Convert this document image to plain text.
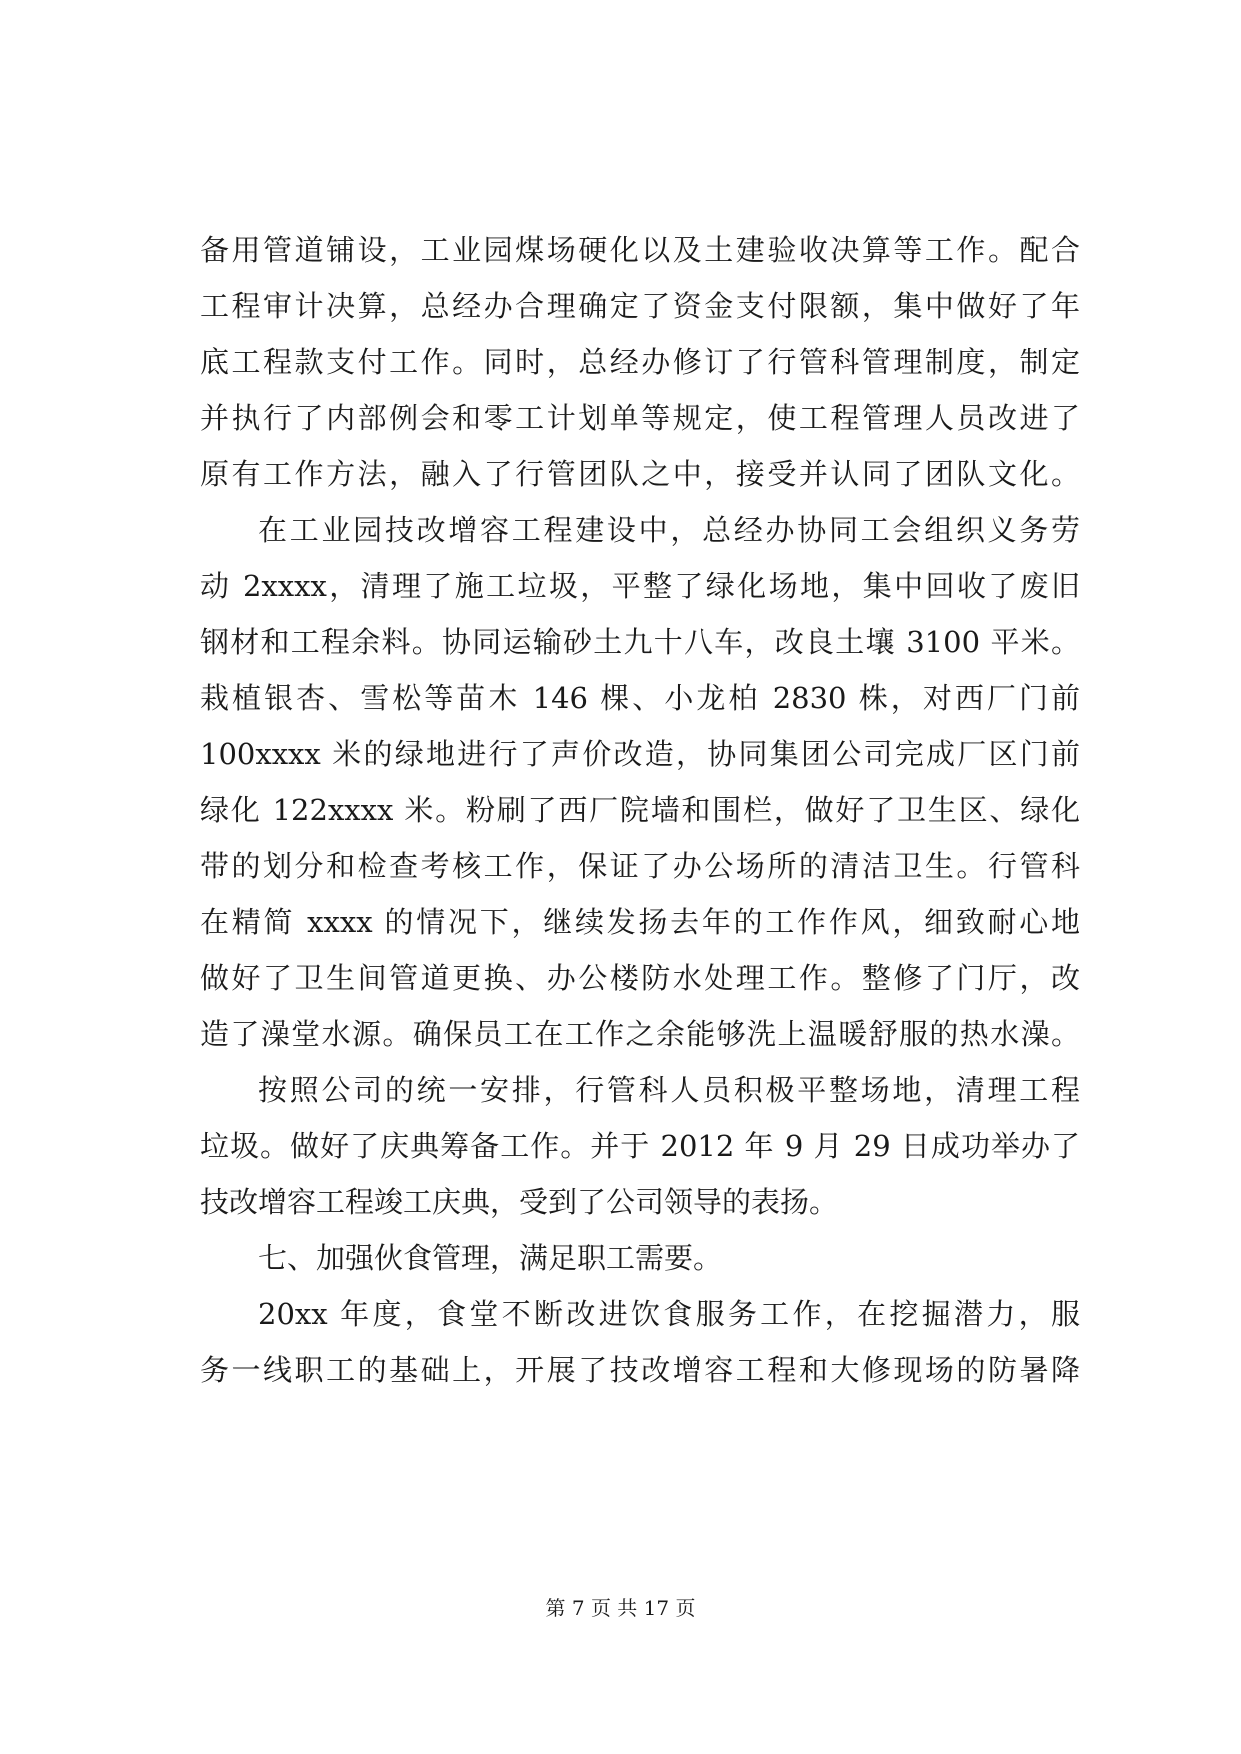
备用管道铺设，工业园煤场硬化以及土建验收决算等工作。配合
工程审计决算，总经办合理确定了资金支付限额，集中做好了年
底工程款支付工作。同时，总经办修订了行管科管理制度，制定
并执行了内部例会和零工计划单等规定，使工程管理人员改进了
原有工作方法，融入了行管团队之中，接受并认同了团队文化。
在工业园技改增容工程建设中，总经办协同工会组织义务劳
动 2xxxx，清理了施工垃圾，平整了绿化场地，集中回收了废旧
钢材和工程余料。协同运输砂土九十八车，改良土壤 3100 平米。
栽植银杏、雪松等苗木 146 棵、小龙柏 2830 株，对西厂门前
100xxxx 米的绿地进行了声价改造，协同集团公司完成厂区门前
绿化 122xxxx 米。粉刷了西厂院墙和围栏，做好了卫生区、绿化
带的划分和检查考核工作，保证了办公场所的清洁卫生。行管科
在精简 xxxx 的情况下，继续发扬去年的工作作风，细致耐心地
做好了卫生间管道更换、办公楼防水处理工作。整修了门厅，改
造了澡堂水源。确保员工在工作之余能够洗上温暖舒服的热水澡。
按照公司的统一安排，行管科人员积极平整场地，清理工程
垃圾。做好了庆典筹备工作。并于 2012 年 9 月 29 日成功举办了
技改增容工程竣工庆典，受到了公司领导的表扬。
七、加强伙食管理，满足职工需要。
20xx 年度，食堂不断改进饮食服务工作，在挖掘潜力，服
务一线职工的基础上，开展了技改增容工程和大修现场的防暑降
第 7 页 共 17 页
